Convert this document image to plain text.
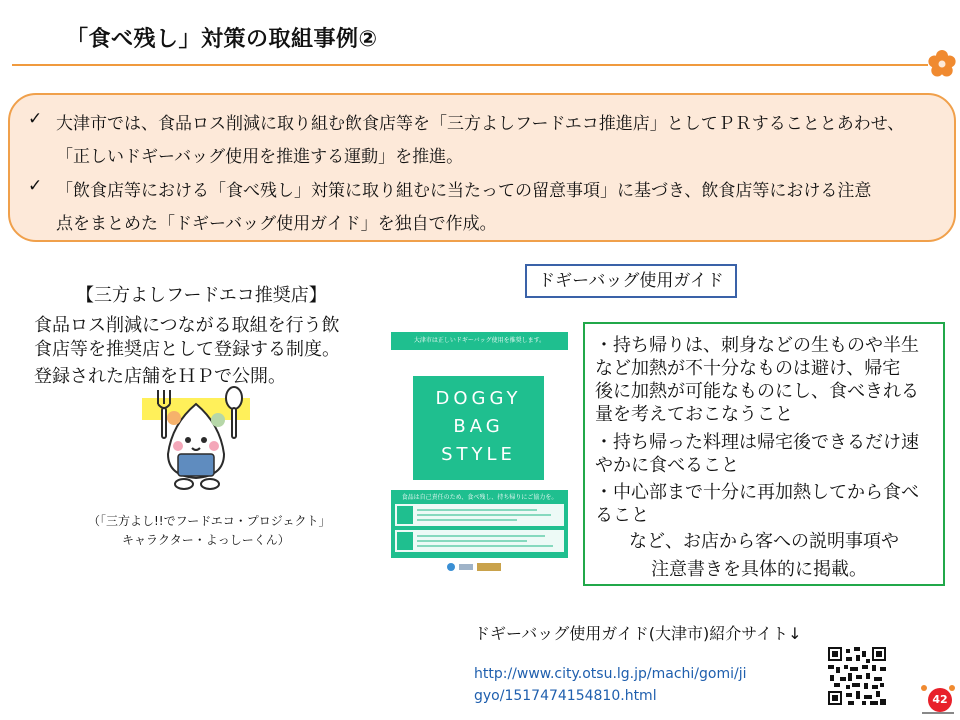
「食べ残し」対策の取組事例②
✓ 大津市では、食品ロス削減に取り組む飲食店等を「三方よしフードエコ推進店」としてＰＲすることとあわせ、
「正しいドギーバッグ使用を推進する運動」を推進。
✓ 「飲食店等における「食べ残し」対策に取り組むに当たっての留意事項」に基づき、飲食店等における注意
点をまとめた「ドギーバッグ使用ガイド」を独自で作成。
【三方よしフードエコ推奨店】
食品ロス削減につながる取組を行う飲
食店等を推奨店として登録する制度。
登録された店舗をＨＰで公開。
（「三方よし!!でフードエコ・プロジェクト」
キャラクター・よっしーくん）
ドギーバッグ使用ガイド
大津市は正しいドギーバッグ使用を推奨します。
DOGGY
BAG
STYLE
食品は自己責任のため、食べ残し、持ち帰りにご協力を。
・持ち帰りは、刺身などの生ものや半生
など加熱が不十分なものは避け、帰宅
後に加熱が可能なものにし、食べきれる
量を考えておこなうこと
・持ち帰った料理は帰宅後できるだけ速
やかに食べること
・中心部まで十分に再加熱してから食べ
ること
など、お店から客への説明事項や
注意書きを具体的に掲載。
ドギーバッグ使用ガイド(大津市)紹介サイト↓
http://www.city.otsu.lg.jp/machi/gomi/ji
gyo/1517474154810.html	42
